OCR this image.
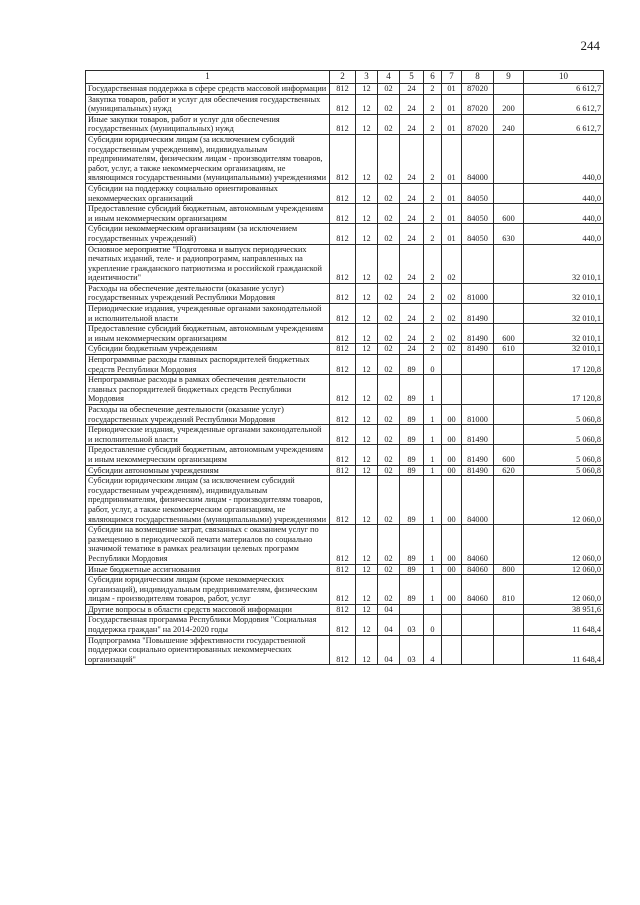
244
1	2	3	4	5	6	7	8	9	10
Государственная поддержка в сфере средств массовой информации	812	12	02	24	2	01	87020		6 612,7
Закупка товаров, работ и услуг для обеспечения государственных (муниципальных) нужд	812	12	02	24	2	01	87020	200	6 612,7
Иные закупки товаров, работ и услуг для обеспечения государственных (муниципальных) нужд	812	12	02	24	2	01	87020	240	6 612,7
Субсидии юридическим лицам (за исключением субсидий государственным учреждениям), индивидуальным предпринимателям, физическим лицам - производителям товаров, работ, услуг, а также некоммерческим организациям, не являющимся государственными (муниципальными) учреждениями	812	12	02	24	2	01	84000		440,0
Субсидии на поддержку социально ориентированных некоммерческих организаций	812	12	02	24	2	01	84050		440,0
Предоставление субсидий бюджетным, автономным учреждениям и иным некоммерческим организациям	812	12	02	24	2	01	84050	600	440,0
Субсидии некоммерческим организациям (за исключением государственных учреждений)	812	12	02	24	2	01	84050	630	440,0
Основное мероприятие "Подготовка и выпуск периодических печатных изданий, теле- и радиопрограмм, направленных на укрепление гражданского патриотизма и российской гражданской идентичности"	812	12	02	24	2	02			32 010,1
Расходы на обеспечение деятельности (оказание услуг) государственных учреждений Республики Мордовия	812	12	02	24	2	02	81000		32 010,1
Периодические издания, учрежденные органами законодательной и исполнительной власти	812	12	02	24	2	02	81490		32 010,1
Предоставление субсидий бюджетным, автономным учреждениям и иным некоммерческим организациям	812	12	02	24	2	02	81490	600	32 010,1
Субсидии бюджетным учреждениям	812	12	02	24	2	02	81490	610	32 010,1
Непрограммные расходы главных распорядителей бюджетных средств Республики Мордовия	812	12	02	89	0				17 120,8
Непрограммные расходы в рамках обеспечения деятельности главных распорядителей бюджетных средств Республики Мордовия	812	12	02	89	1				17 120,8
Расходы на обеспечение деятельности (оказание услуг) государственных учреждений Республики Мордовия	812	12	02	89	1	00	81000		5 060,8
Периодические издания, учрежденные органами законодательной и исполнительной власти	812	12	02	89	1	00	81490		5 060,8
Предоставление субсидий бюджетным, автономным учреждениям и иным некоммерческим организациям	812	12	02	89	1	00	81490	600	5 060,8
Субсидии автономным учреждениям	812	12	02	89	1	00	81490	620	5 060,8
Субсидии юридическим лицам (за исключением субсидий государственным учреждениям), индивидуальным предпринимателям, физическим лицам - производителям товаров, работ, услуг, а также некоммерческим организациям, не являющимся государственными (муниципальными) учреждениями	812	12	02	89	1	00	84000		12 060,0
Субсидии на возмещение затрат, связанных с оказанием услуг по размещению в периодической печати материалов по социально значимой тематике в рамках реализации целевых программ Республики Мордовия	812	12	02	89	1	00	84060		12 060,0
Иные бюджетные ассигнования	812	12	02	89	1	00	84060	800	12 060,0
Субсидии юридическим лицам (кроме некоммерческих организаций), индивидуальным предпринимателям, физическим лицам - производителям товаров, работ, услуг	812	12	02	89	1	00	84060	810	12 060,0
Другие вопросы в области средств массовой информации	812	12	04						38 951,6
Государственная программа Республики Мордовия "Социальная поддержка граждан" на 2014-2020 годы	812	12	04	03	0				11 648,4
Подпрограмма "Повышение эффективности государственной поддержки социально ориентированных некоммерческих организаций"	812	12	04	03	4				11 648,4
